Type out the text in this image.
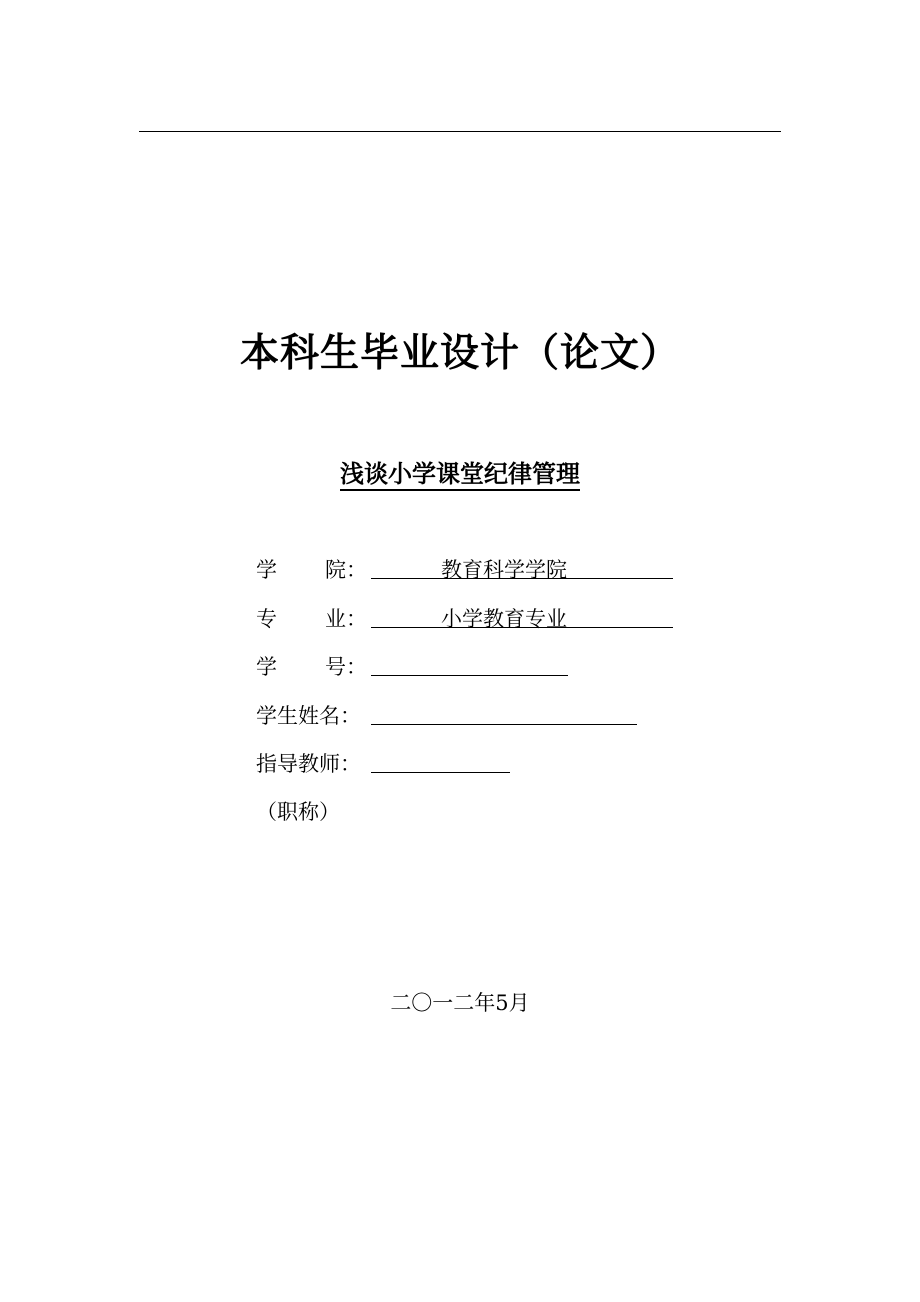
本科生毕业设计（论文）
浅谈小学课堂纪律管理
学 院：	教育科学学院
专 业：	小学教育专业
学 号：
学生姓名：
指导教师：
（职称）
二〇一二年5月
